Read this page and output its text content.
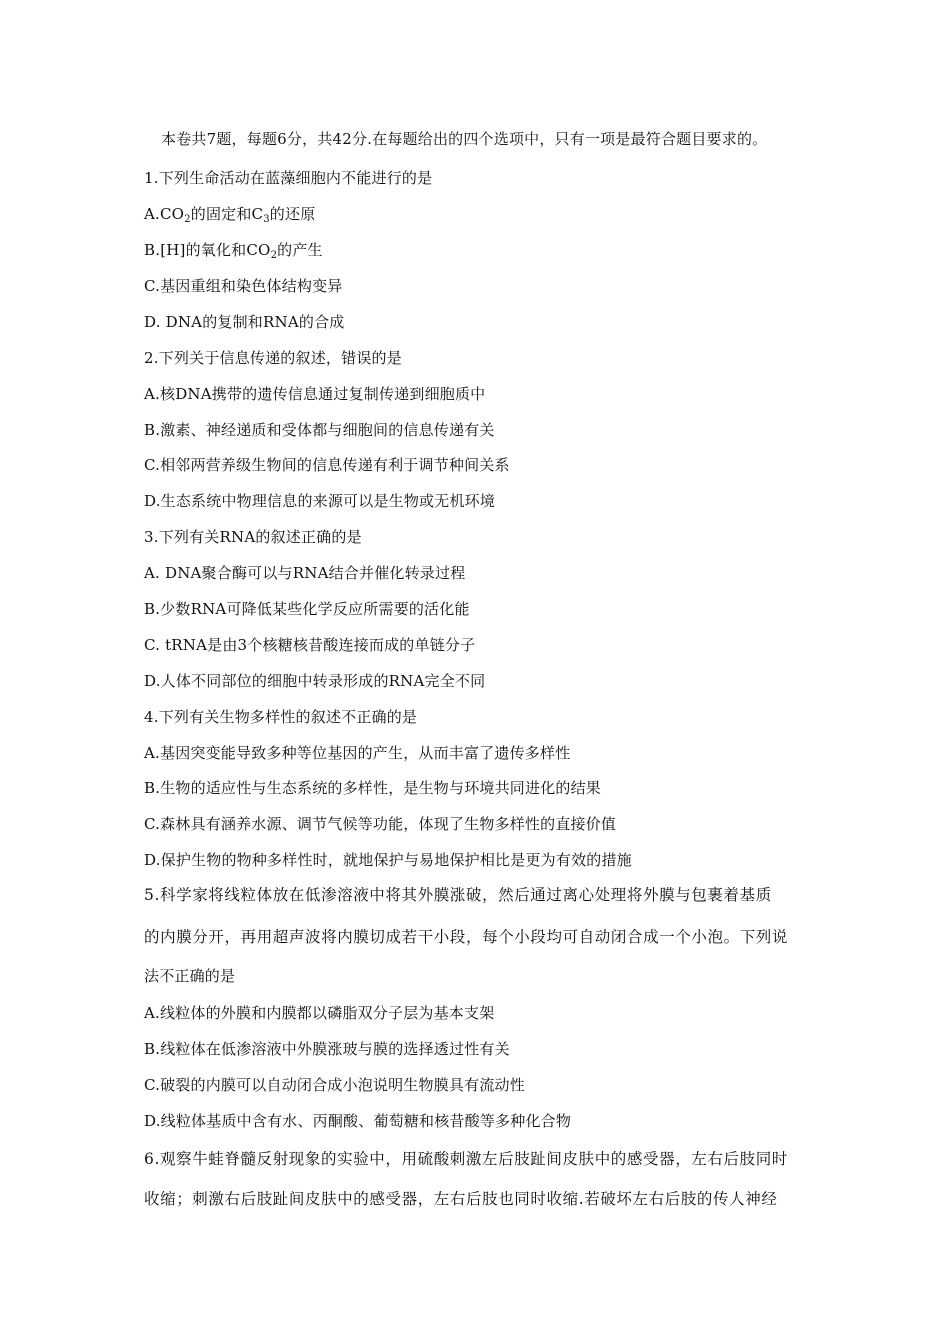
本卷共7题，每题6分，共42分.在每题给出的四个选项中，只有一项是最符合题目要求的。
1.下列生命活动在蓝藻细胞内不能进行的是
$A.CO_2$的固定和$C_3$的还原
B.[H]的氧化和$CO_2$的产生
C.基因重组和染色体结构变异
D. DNA的复制和RNA的合成
2.下列关于信息传递的叙述，错误的是
A.核DNA携带的遗传信息通过复制传递到细胞质中
B.激素、神经递质和受体都与细胞间的信息传递有关
C.相邻两营养级生物间的信息传递有利于调节种间关系
D.生态系统中物理信息的来源可以是生物或无机环境
3.下列有关RNA的叙述正确的是
A. DNA聚合酶可以与RNA结合并催化转录过程
B.少数RNA可降低某些化学反应所需要的活化能
C. tRNA是由3个核糖核昔酸连接而成的单链分子
D.人体不同部位的细胞中转录形成的RNA完全不同
4.下列有关生物多样性的叙述不正确的是
A.基因突变能导致多种等位基因的产生，从而丰富了遗传多样性
B.生物的适应性与生态系统的多样性，是生物与环境共同进化的结果
C.森林具有涵养水源、调节气候等功能，体现了生物多样性的直接价值
D.保护生物的物种多样性时，就地保护与易地保护相比是更为有效的措施
5.科学家将线粒体放在低渗溶液中将其外膜涨破，然后通过离心处理将外膜与包裹着基质
的内膜分开，再用超声波将内膜切成若干小段，每个小段均可自动闭合成一个小泡。下列说
法不正确的是
A.线粒体的外膜和内膜都以磷脂双分子层为基本支架
B.线粒体在低渗溶液中外膜涨玻与膜的选择透过性有关
C.破裂的内膜可以自动闭合成小泡说明生物膜具有流动性
D.线粒体基质中含有水、丙酮酸、葡萄糖和核昔酸等多种化合物
6.观察牛蛙脊髓反射现象的实验中，用硫酸刺激左后肢趾间皮肤中的感受器，左右后肢同时
收缩；刺激右后肢趾间皮肤中的感受器，左右后肢也同时收缩.若破坏左右后肢的传人神经
